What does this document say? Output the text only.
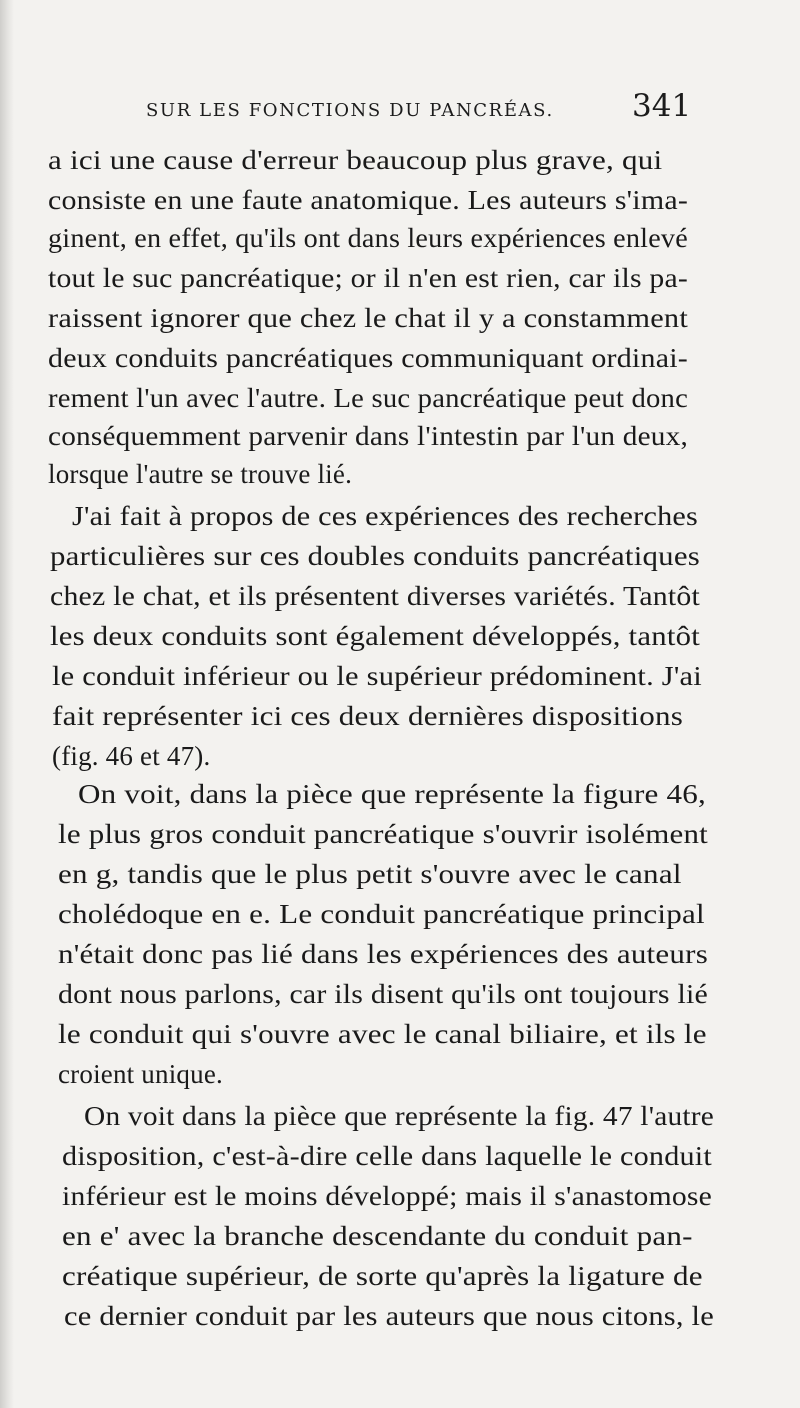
SUR LES FONCTIONS DU PANCRÉAS.	341
a ici une cause d'erreur beaucoup plus grave, qui
consiste en une faute anatomique. Les auteurs s'ima-
ginent, en effet, qu'ils ont dans leurs expériences enlevé
tout le suc pancréatique; or il n'en est rien, car ils pa-
raissent ignorer que chez le chat il y a constamment
deux conduits pancréatiques communiquant ordinai-
rement l'un avec l'autre. Le suc pancréatique peut donc
conséquemment parvenir dans l'intestin par l'un deux,
lorsque l'autre se trouve lié.
J'ai fait à propos de ces expériences des recherches
particulières sur ces doubles conduits pancréatiques
chez le chat, et ils présentent diverses variétés. Tantôt
les deux conduits sont également développés, tantôt
le conduit inférieur ou le supérieur prédominent. J'ai
fait représenter ici ces deux dernières dispositions
(fig. 46 et 47).
On voit, dans la pièce que représente la figure 46,
le plus gros conduit pancréatique s'ouvrir isolément
en g, tandis que le plus petit s'ouvre avec le canal
cholédoque en e. Le conduit pancréatique principal
n'était donc pas lié dans les expériences des auteurs
dont nous parlons, car ils disent qu'ils ont toujours lié
le conduit qui s'ouvre avec le canal biliaire, et ils le
croient unique.
On voit dans la pièce que représente la fig. 47 l'autre
disposition, c'est-à-dire celle dans laquelle le conduit
inférieur est le moins développé; mais il s'anastomose
en e' avec la branche descendante du conduit pan-
créatique supérieur, de sorte qu'après la ligature de
ce dernier conduit par les auteurs que nous citons, le
